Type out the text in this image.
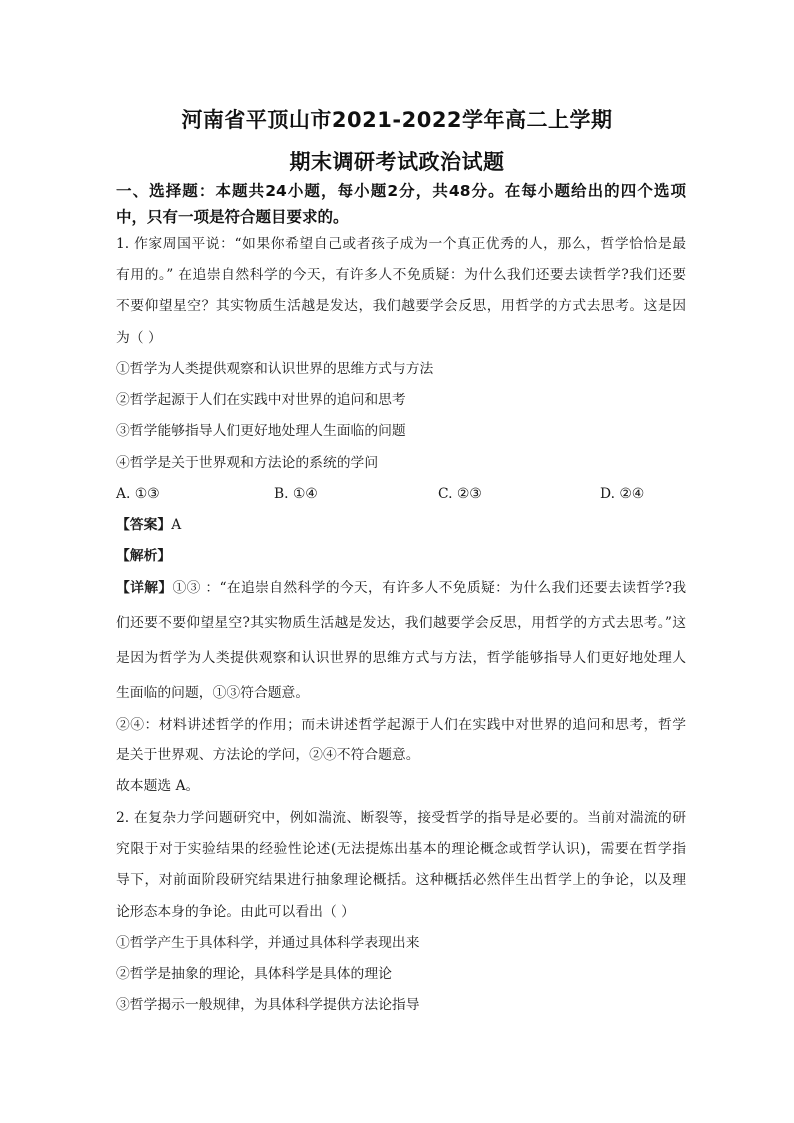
河南省平顶山市2021-2022学年高二上学期
期末调研考试政治试题
一、选择题：本题共24小题，每小题2分，共48分。在每小题给出的四个选项
中，只有一项是符合题目要求的。
1. 作家周国平说：“如果你希望自己或者孩子成为一个真正优秀的人，那么，哲学恰恰是最
有用的。” 在追崇自然科学的今天，有许多人不免质疑：为什么我们还要去读哲学?我们还要
不要仰望星空？其实物质生活越是发达，我们越要学会反思，用哲学的方式去思考。这是因
为（ ）
①哲学为人类提供观察和认识世界的思维方式与方法
②哲学起源于人们在实践中对世界的追问和思考
③哲学能够指导人们更好地处理人生面临的问题
④哲学是关于世界观和方法论的系统的学问
A. ①③	B. ①④	C. ②③	D. ②④
【答案】A
【解析】
【详解】①③ ：“在追崇自然科学的今天，有许多人不免质疑：为什么我们还要去读哲学?我
们还要不要仰望星空?其实物质生活越是发达，我们越要学会反思，用哲学的方式去思考。”这
是因为哲学为人类提供观察和认识世界的思维方式与方法，哲学能够指导人们更好地处理人
生面临的问题，①③符合题意。
②④：材料讲述哲学的作用；而未讲述哲学起源于人们在实践中对世界的追问和思考，哲学
是关于世界观、方法论的学问，②④不符合题意。
故本题选 A。
2. 在复杂力学问题研究中，例如湍流、断裂等，接受哲学的指导是必要的。当前对湍流的研
究限于对于实验结果的经验性论述(无法提炼出基本的理论概念或哲学认识)，需要在哲学指
导下，对前面阶段研究结果进行抽象理论概括。这种概括必然伴生出哲学上的争论，以及理
论形态本身的争论。由此可以看出（ ）
①哲学产生于具体科学，并通过具体科学表现出来
②哲学是抽象的理论，具体科学是具体的理论
③哲学揭示一般规律，为具体科学提供方法论指导
